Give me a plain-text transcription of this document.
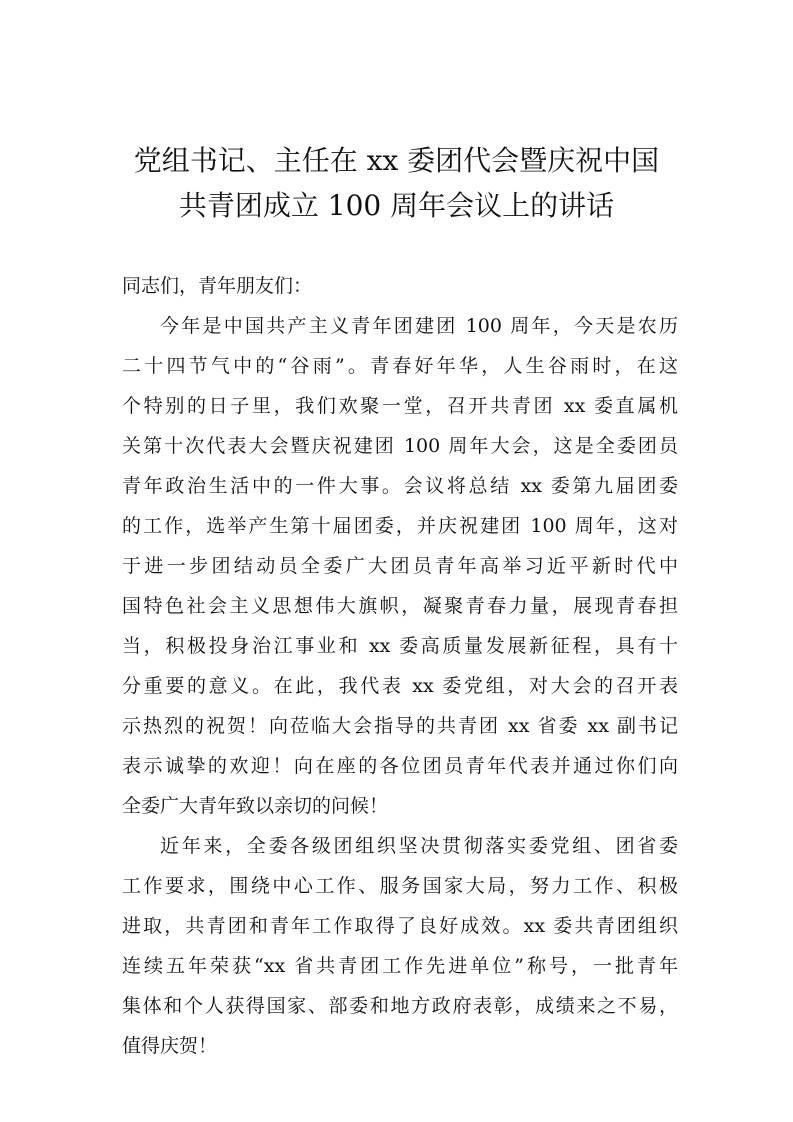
党组书记、主任在 xx 委团代会暨庆祝中国
共青团成立 100 周年会议上的讲话
同志们，青年朋友们：
今年是中国共产主义青年团建团 100 周年，今天是农历
二十四节气中的“谷雨”。青春好年华，人生谷雨时，在这
个特别的日子里，我们欢聚一堂，召开共青团 xx 委直属机
关第十次代表大会暨庆祝建团 100 周年大会，这是全委团员
青年政治生活中的一件大事。会议将总结 xx 委第九届团委
的工作，选举产生第十届团委，并庆祝建团 100 周年，这对
于进一步团结动员全委广大团员青年高举习近平新时代中
国特色社会主义思想伟大旗帜，凝聚青春力量，展现青春担
当，积极投身治江事业和 xx 委高质量发展新征程，具有十
分重要的意义。在此，我代表 xx 委党组，对大会的召开表
示热烈的祝贺！向莅临大会指导的共青团 xx 省委 xx 副书记
表示诚挚的欢迎！向在座的各位团员青年代表并通过你们向
全委广大青年致以亲切的问候！
近年来，全委各级团组织坚决贯彻落实委党组、团省委
工作要求，围绕中心工作、服务国家大局，努力工作、积极
进取，共青团和青年工作取得了良好成效。xx 委共青团组织
连续五年荣获“xx 省共青团工作先进单位”称号，一批青年
集体和个人获得国家、部委和地方政府表彰，成绩来之不易，
值得庆贺！
